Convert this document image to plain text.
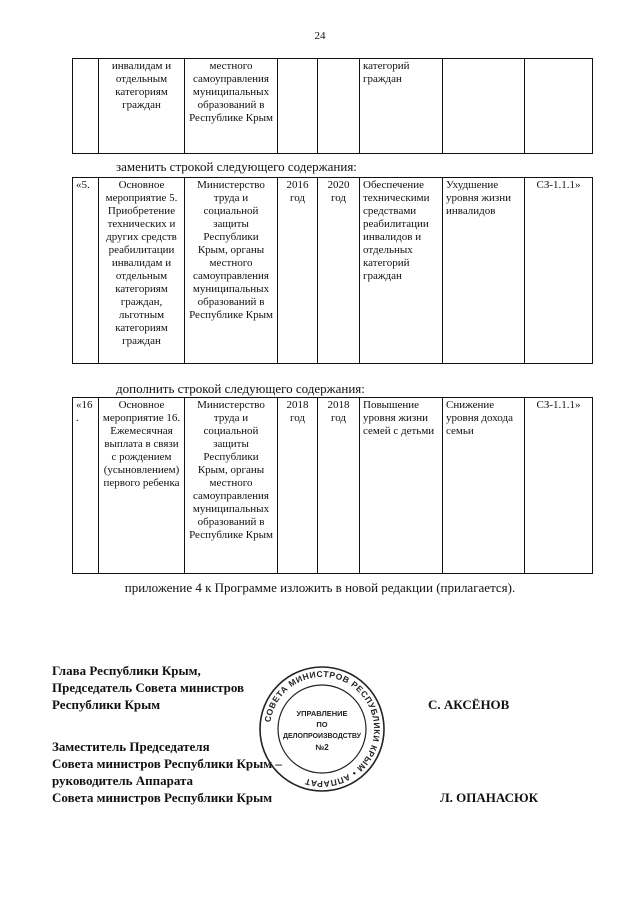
24
	инвалидам и отдельным категориям граждан	местного самоуправления муниципальных образований в Республике Крым			категорий граждан		
заменить строкой следующего содержания:
«5.	Основное мероприятие 5. Приобретение технических и других средств реабилитации инвалидам и отдельным категориям граждан, льготным категориям граждан	Министерство труда и социальной защиты Республики Крым, органы местного самоуправления муниципальных образований в Республике Крым	2016 год	2020 год	Обеспечение техническими средствами реабилитации инвалидов и отдельных категорий граждан	Ухудшение уровня жизни инвалидов	СЗ-1.1.1»
дополнить строкой следующего содержания:
«16.	Основное мероприятие 16. Ежемесячная выплата в связи с рождением (усыновлением) первого ребенка	Министерство труда и социальной защиты Республики Крым, органы местного самоуправления муниципальных образований в Республике Крым	2018 год	2018 год	Повышение уровня жизни семей с детьми	Снижение уровня дохода семьи	СЗ-1.1.1»
приложение 4 к Программе изложить в новой редакции (прилагается).
Глава Республики Крым,
Председатель Совета министров
Республики Крым	С. АКСЁНОВ
Заместитель Председателя
Совета министров Республики Крым –
руководитель Аппарата
Совета министров Республики Крым	Л. ОПАНАСЮК
СОВЕТА МИНИСТРОВ РЕСПУБЛИКИ КРЫМ • АППАРАТ
УПРАВЛЕНИЕ
ПО
ДЕЛОПРОИЗВОДСТВУ
№2
